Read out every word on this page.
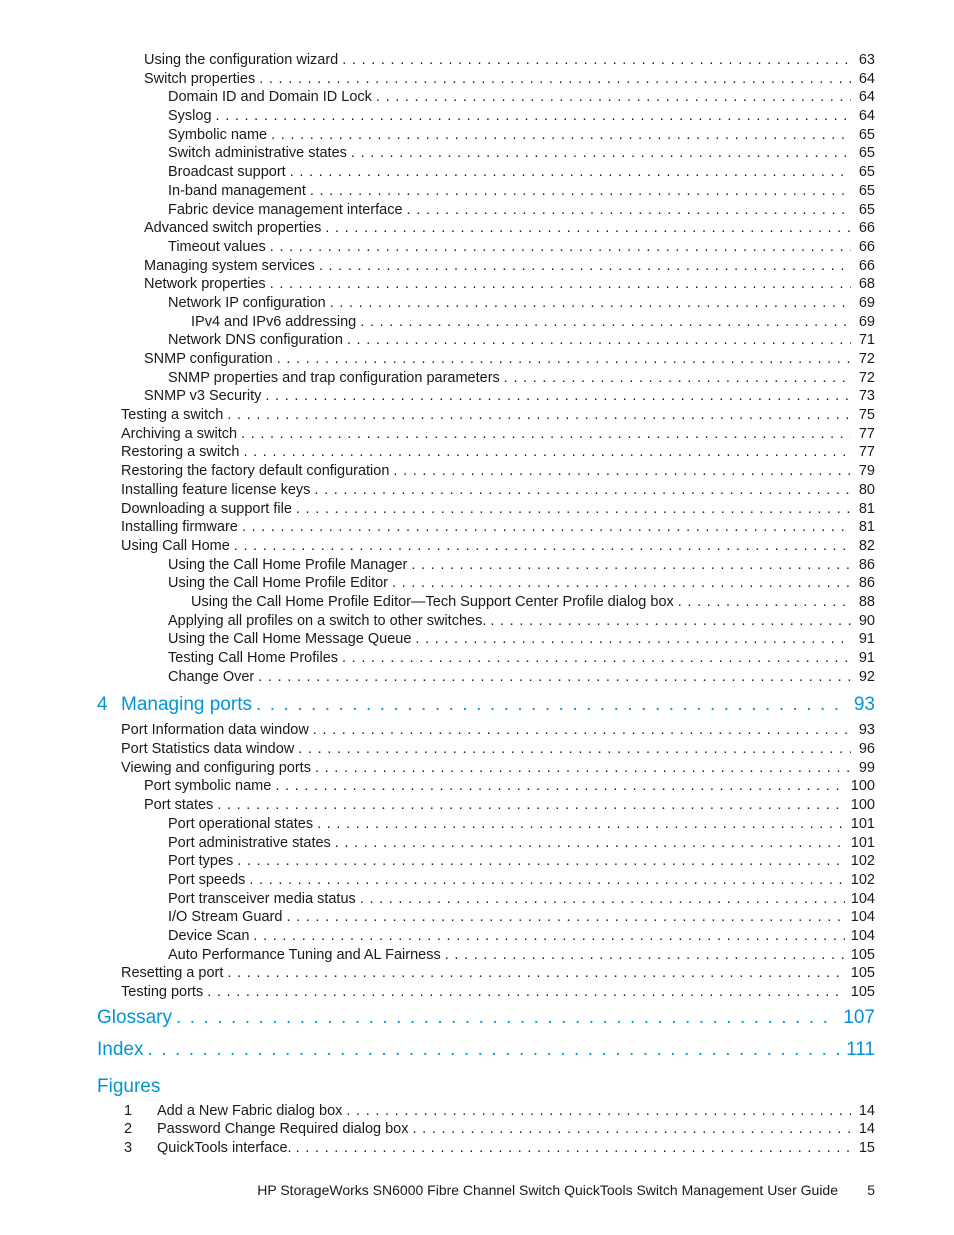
Using the configuration wizard . . .	63
Switch properties . . .	64
Domain ID and Domain ID Lock . . .	64
Syslog . . .	64
Symbolic name . . .	65
Switch administrative states . . .	65
Broadcast support . . .	65
In-band management . . .	65
Fabric device management interface . . .	65
Advanced switch properties . . .	66
Timeout values . . .	66
Managing system services . . .	66
Network properties . . .	68
Network IP configuration . . .	69
IPv4 and IPv6 addressing . . .	69
Network DNS configuration . . .	71
SNMP configuration . . .	72
SNMP properties and trap configuration parameters . . .	72
SNMP v3 Security . . .	73
Testing a switch . . .	75
Archiving a switch . . .	77
Restoring a switch . . .	77
Restoring the factory default configuration . . .	79
Installing feature license keys . . .	80
Downloading a support file . . .	81
Installing firmware . . .	81
Using Call Home . . .	82
Using the Call Home Profile Manager . . .	86
Using the Call Home Profile Editor . . .	86
Using the Call Home Profile Editor—Tech Support Center Profile dialog box . . .	88
Applying all profiles on a switch to other switches. . . .	90
Using the Call Home Message Queue . . .	91
Testing Call Home Profiles . . .	91
Change Over . . .	92
4 Managing ports . . .	93
Port Information data window . . .	93
Port Statistics data window . . .	96
Viewing and configuring ports . . .	99
Port symbolic name . . .	100
Port states . . .	100
Port operational states . . .	101
Port administrative states . . .	101
Port types . . .	102
Port speeds . . .	102
Port transceiver media status . . .	104
I/O Stream Guard . . .	104
Device Scan . . .	104
Auto Performance Tuning and AL Fairness . . .	105
Resetting a port . . .	105
Testing ports . . .	105
Glossary . . .	107
Index . . .	111
Figures
1	Add a New Fabric dialog box . . .	14
2	Password Change Required dialog box . . .	14
3	QuickTools interface. . . .	15
HP StorageWorks SN6000 Fibre Channel Switch QuickTools Switch Management User Guide 5
